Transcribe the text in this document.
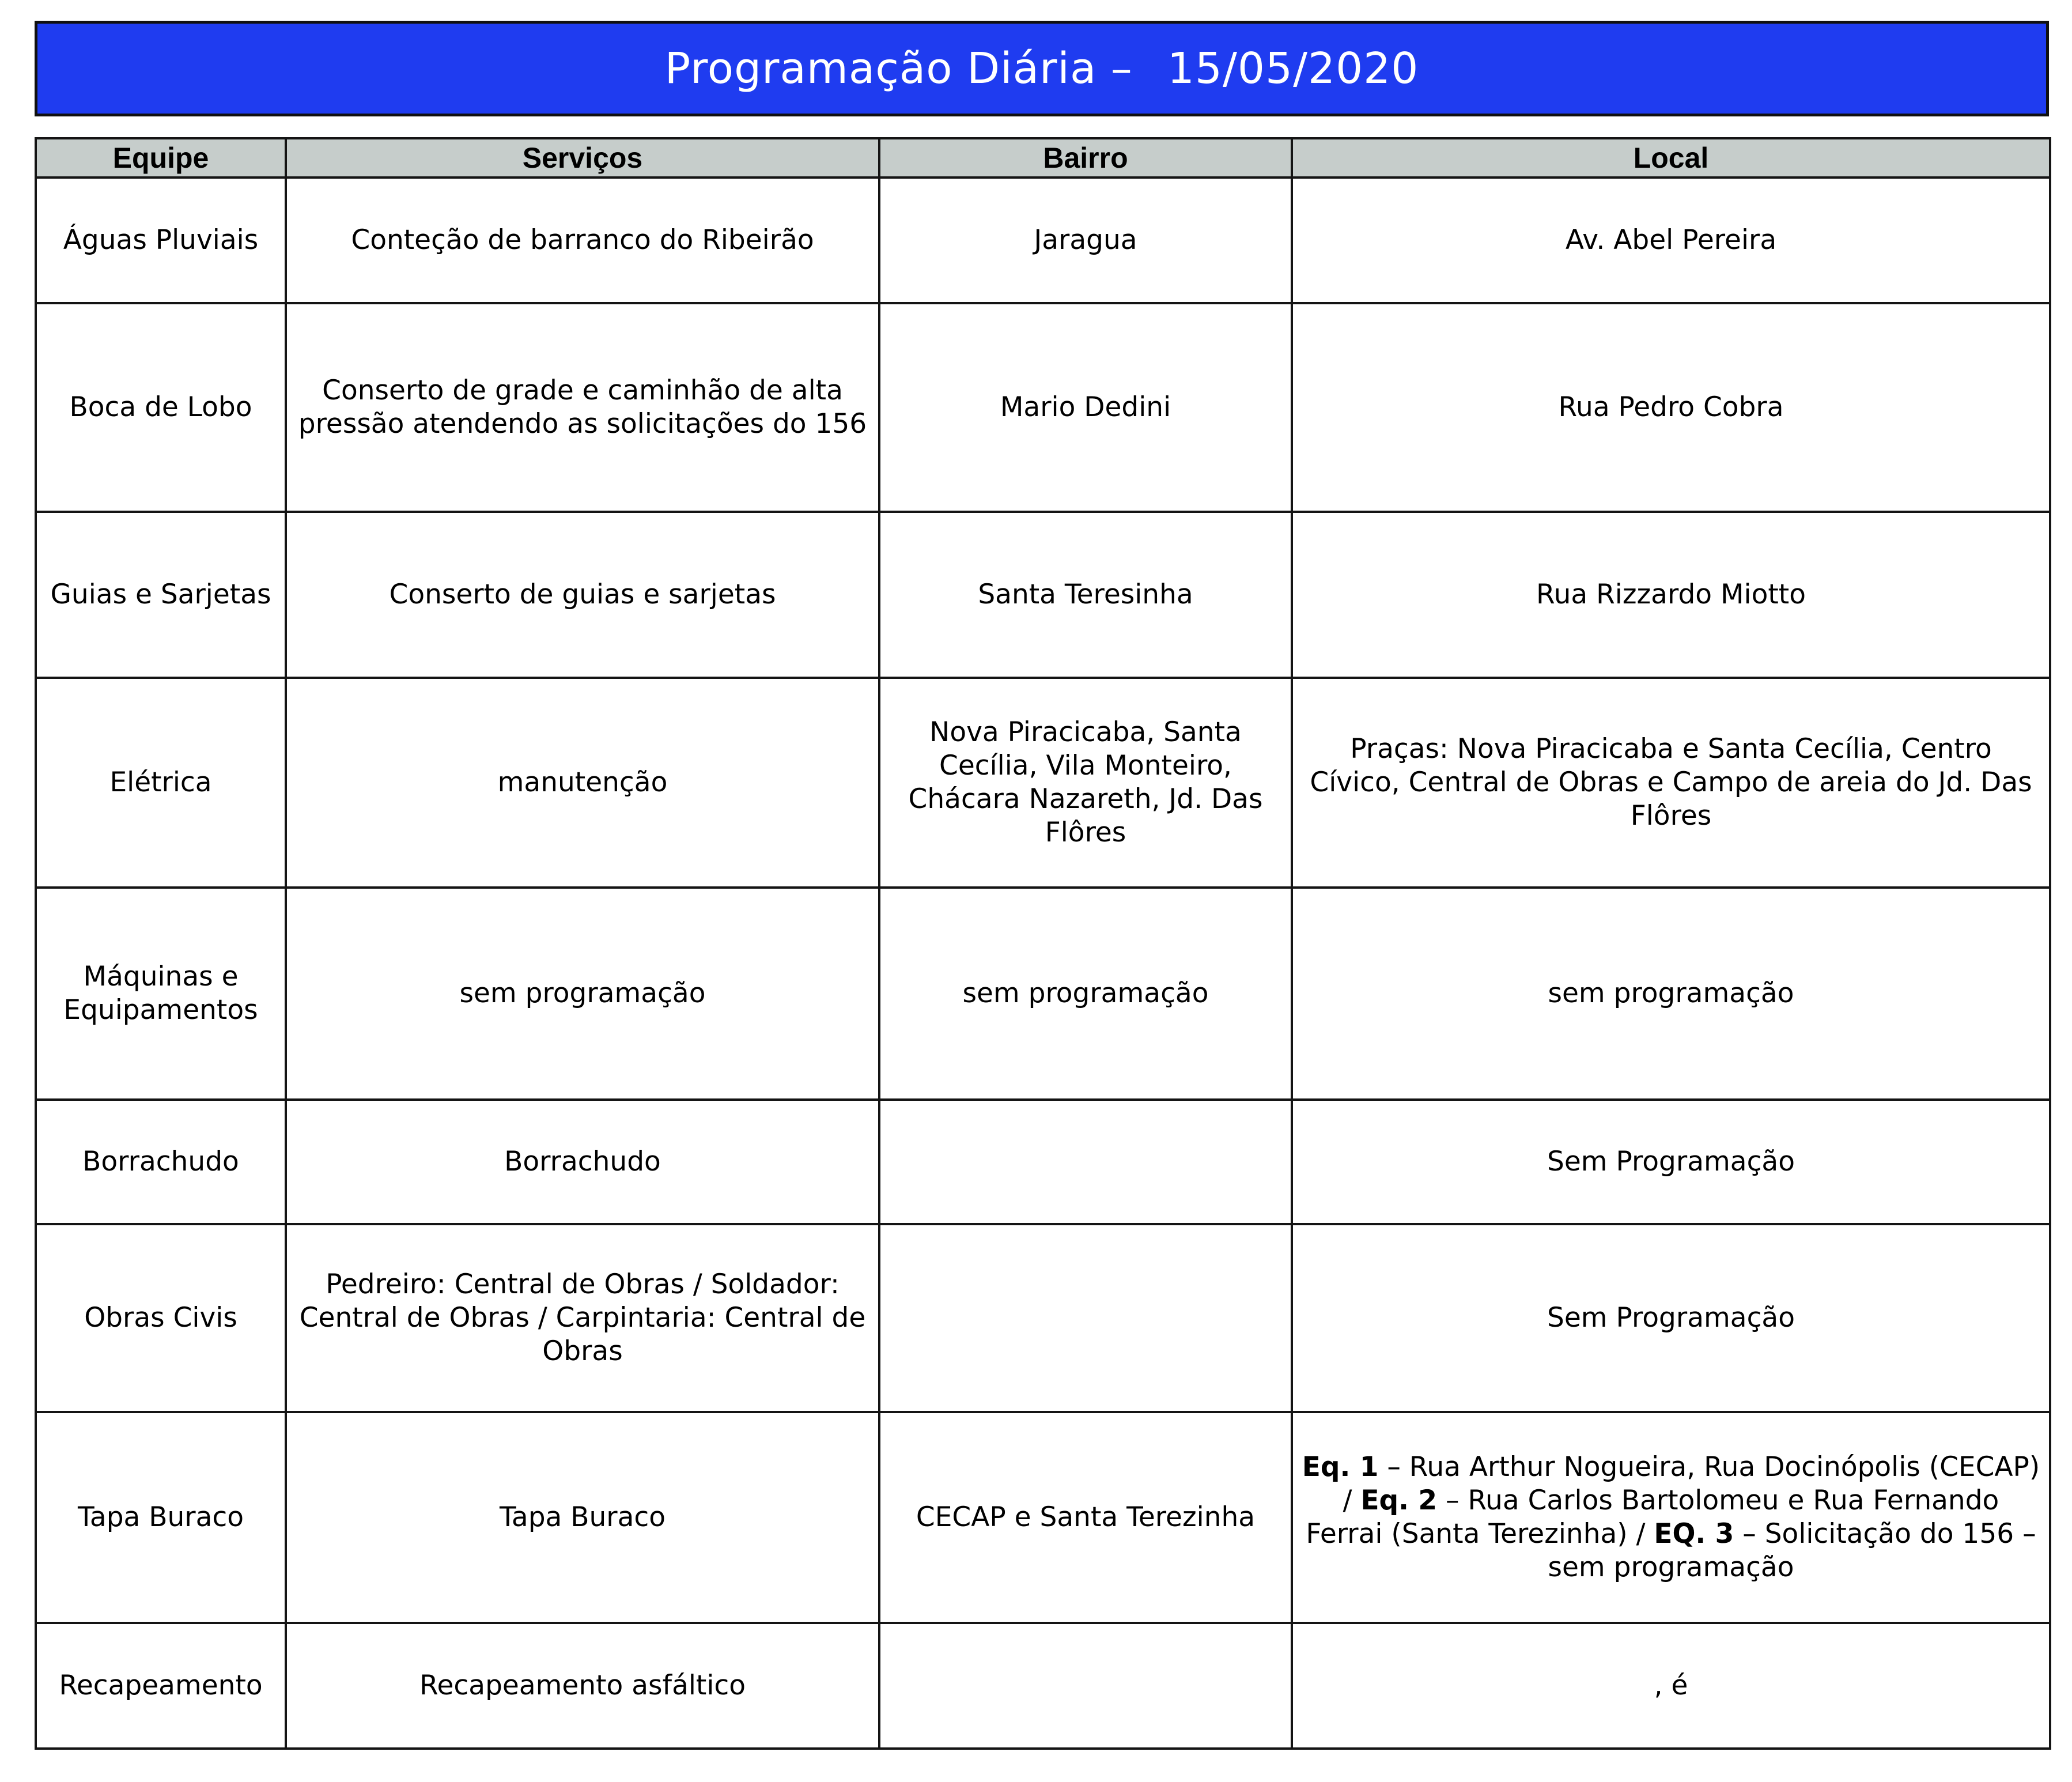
Programação Diária – 15/05/2020
Equipe	Serviços	Bairro	Local
Águas Pluviais	Conteção de barranco do Ribeirão	Jaragua	Av. Abel Pereira
Boca de Lobo	Conserto de grade e caminhão de alta pressão atendendo as solicitações do 156	Mario Dedini	Rua Pedro Cobra
Guias e Sarjetas	Conserto de guias e sarjetas	Santa Teresinha	Rua Rizzardo Miotto
Elétrica	manutenção	Nova Piracicaba, Santa Cecília, Vila Monteiro, Chácara Nazareth, Jd. Das Flôres	Praças: Nova Piracicaba e Santa Cecília, Centro Cívico, Central de Obras e Campo de areia do Jd. Das Flôres
Máquinas e Equipamentos	sem programação	sem programação	sem programação
Borrachudo	Borrachudo		Sem Programação
Obras Civis	Pedreiro: Central de Obras / Soldador: Central de Obras / Carpintaria: Central de Obras		Sem Programação
Tapa Buraco	Tapa Buraco	CECAP e Santa Terezinha	Eq. 1 – Rua Arthur Nogueira, Rua Docinópolis (CECAP) / Eq. 2 – Rua Carlos Bartolomeu e Rua Fernando Ferrai (Santa Terezinha) / EQ. 3 – Solicitação do 156 – sem programação
Recapeamento	Recapeamento asfáltico		, é
